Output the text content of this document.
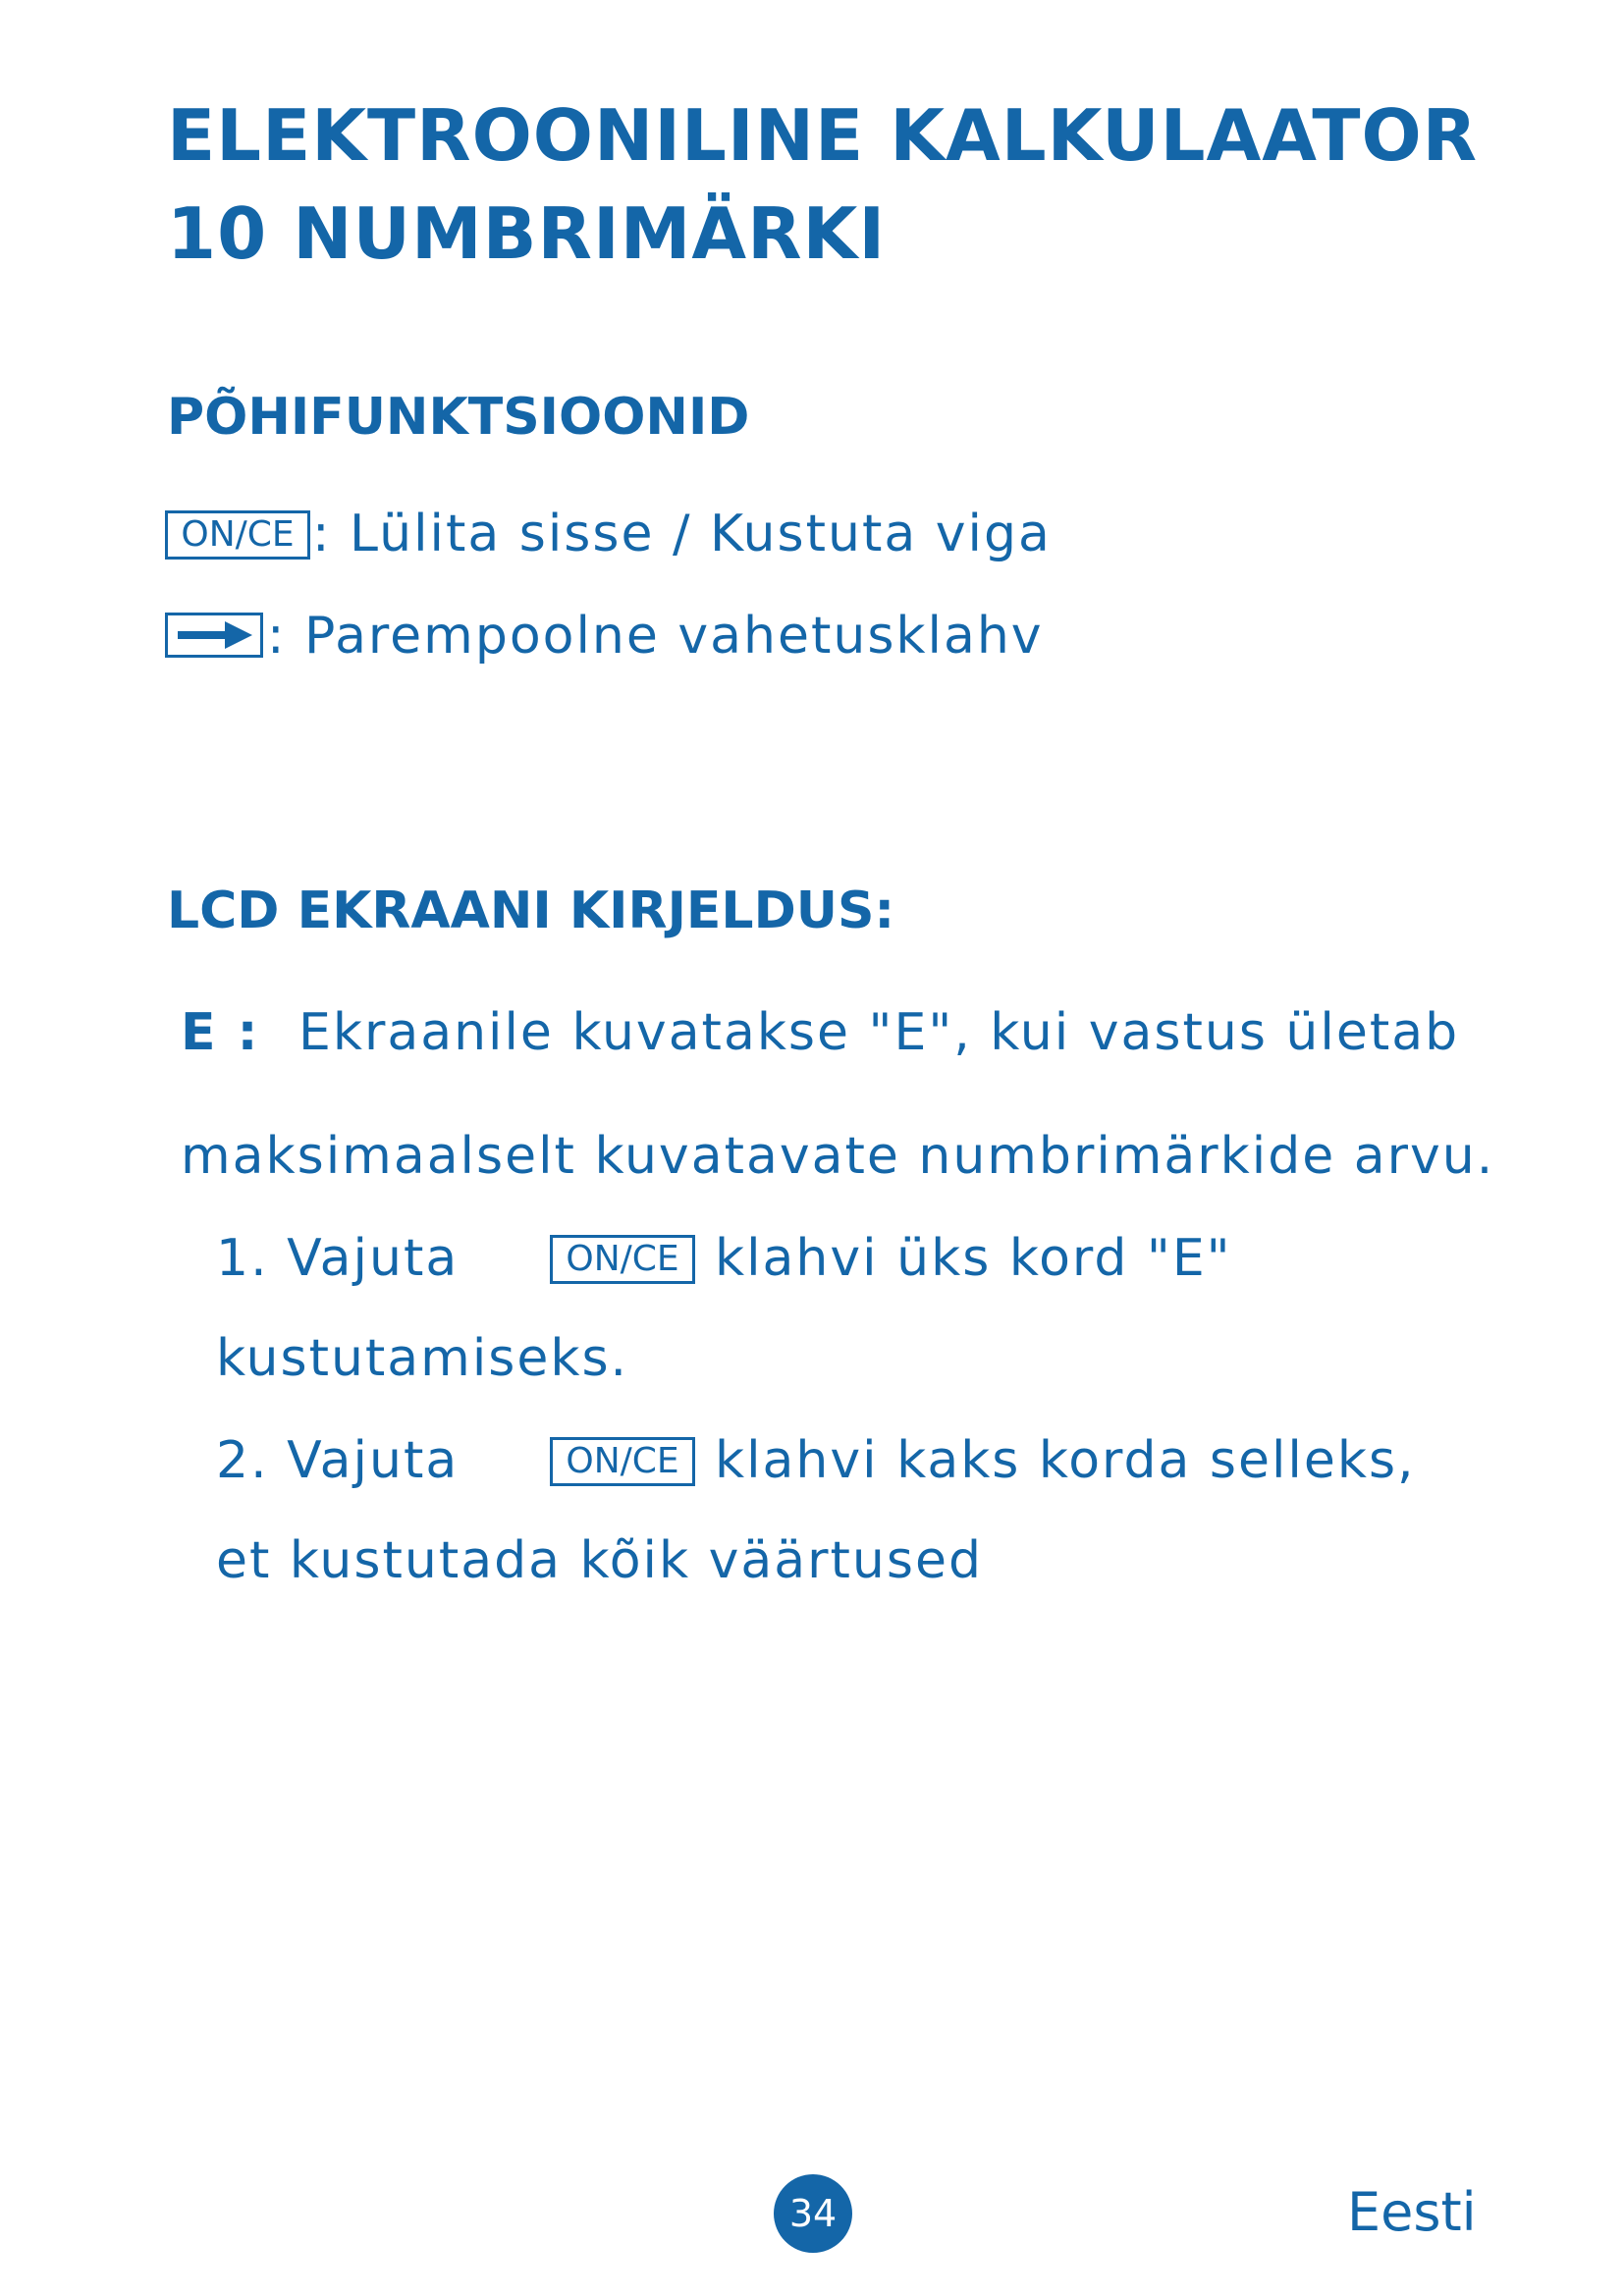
ELEKTROONILINE KALKULAATOR
10 NUMBRIMÄRKI
PÕHIFUNKTSIOONID
ON/CE : Lülita sisse / Kustuta viga
: Parempoolne vahetusklahv
LCD EKRAANI KIRJELDUS:
E : Ekraanile kuvatakse "E", kui vastus ületab
maksimaalselt kuvatavate numbrimärkide arvu.
1. Vajuta	ON/CE klahvi üks kord "E"
kustutamiseks.
2. Vajuta	ON/CE klahvi kaks korda selleks,
et kustutada kõik väärtused
34	Eesti
